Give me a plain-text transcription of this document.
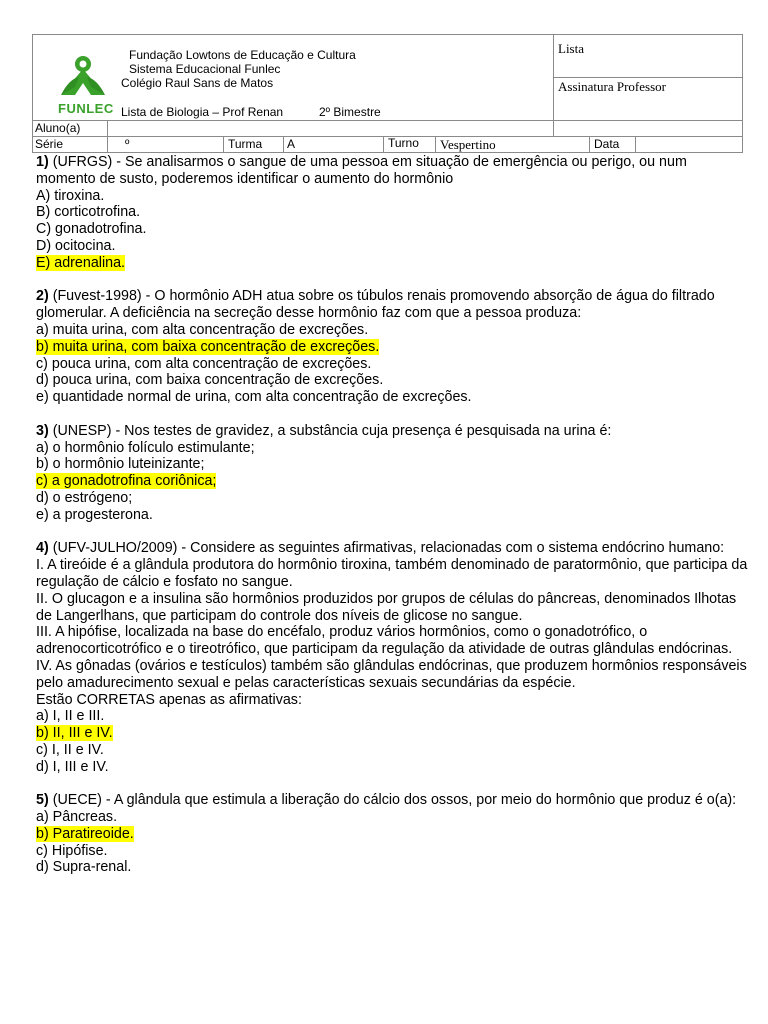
FUNLEC
Fundação Lowtons de Educação e Cultura
Sistema Educacional Funlec
Colégio Raul Sans de Matos
Lista de Biologia – Prof Renan	2º Bimestre
Lista
Assinatura Professor
Aluno(a)
Série	º	Turma A	Turno Vespertino	Data

1) (UFRGS) - Se analisarmos o sangue de uma pessoa em situação de emergência ou perigo, ou num momento de susto, poderemos identificar o aumento do hormônio

A) tiroxina.

B) corticotrofina.

C) gonadotrofina.

D) ocitocina.

E) adrenalina.

2) (Fuvest-1998) - O hormônio ADH atua sobre os túbulos renais promovendo absorção de água do filtrado glomerular. A deficiência na secreção desse hormônio faz com que a pessoa produza:

a) muita urina, com alta concentração de excreções.

b) muita urina, com baixa concentração de excreções.

c) pouca urina, com alta concentração de excreções.

d) pouca urina, com baixa concentração de excreções.

e) quantidade normal de urina, com alta concentração de excreções.

3) (UNESP) - Nos testes de gravidez, a substância cuja presença é pesquisada na urina é:

a) o hormônio folículo estimulante;

b) o hormônio luteinizante;

c) a gonadotrofina coriônica;

d) o estrógeno;

e) a progesterona.

4) (UFV-JULHO/2009) - Considere as seguintes afirmativas, relacionadas com o sistema endócrino humano:

I. A tireóide é a glândula produtora do hormônio tiroxina, também denominado de paratormônio, que participa da regulação de cálcio e fosfato no sangue.

II. O glucagon e a insulina são hormônios produzidos por grupos de células do pâncreas, denominados Ilhotas de Langerlhans, que participam do controle dos níveis de glicose no sangue.

III. A hipófise, localizada na base do encéfalo, produz vários hormônios, como o gonadotrófico, o adrenocorticotrófico e o tireotrófico, que participam da regulação da atividade de outras glândulas endócrinas.

IV. As gônadas (ovários e testículos) também são glândulas endócrinas, que produzem hormônios responsáveis pelo amadurecimento sexual e pelas características sexuais secundárias da espécie.

Estão CORRETAS apenas as afirmativas:

a) I, II e III.

b) II, III e IV.

c) I, II e IV.

d) I, III e IV.

5) (UECE) - A glândula que estimula a liberação do cálcio dos ossos, por meio do hormônio que produz é o(a):

a) Pâncreas.

b) Paratireoide.

c) Hipófise.

d) Supra-renal.
